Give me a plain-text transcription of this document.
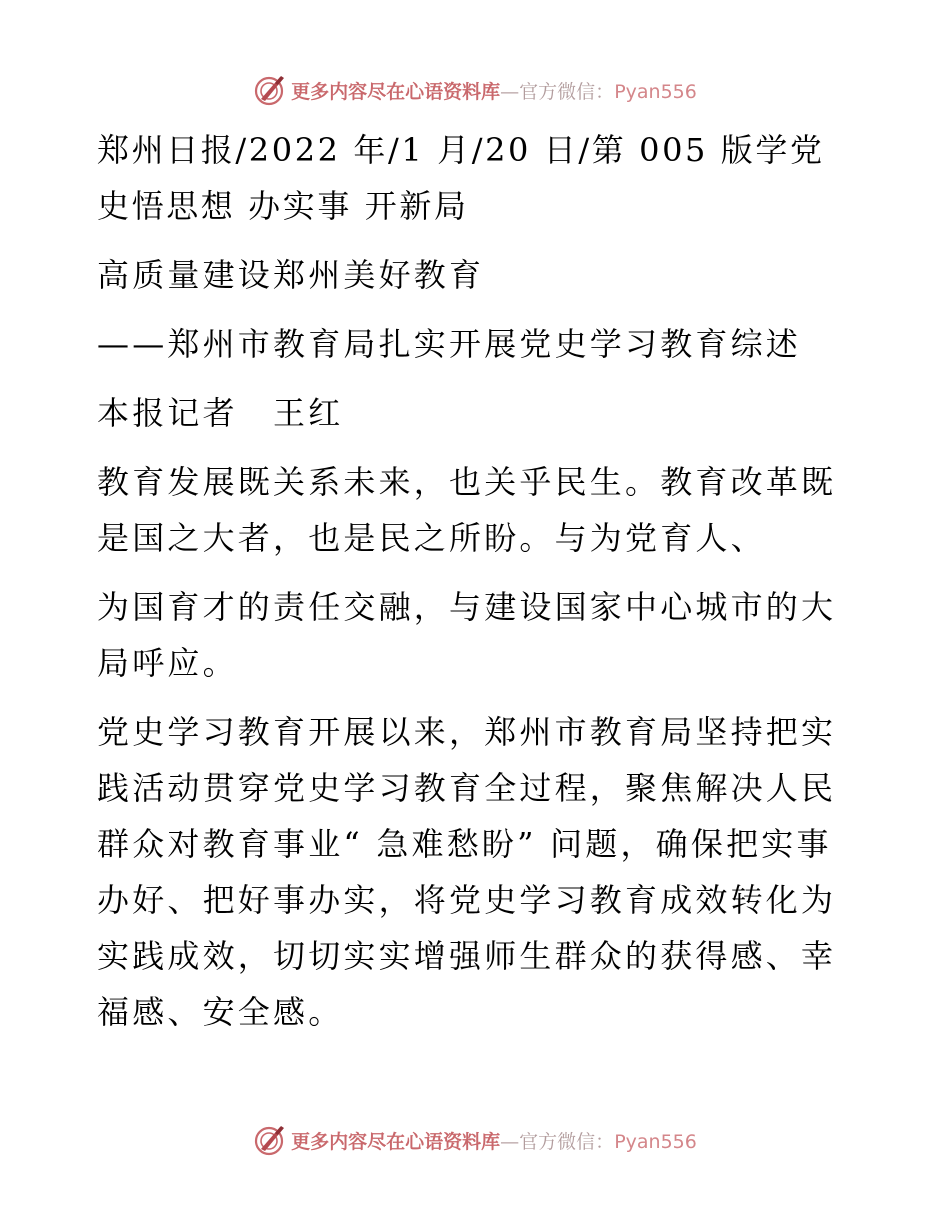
更多内容尽在心语资料库—官方微信：Pyan556

郑州日报/2022 年/1 月/20 日/第 005 版学党史悟思想 办实事 开新局

高质量建设郑州美好教育

——郑州市教育局扎实开展党史学习教育综述

本报记者　王红

教育发展既关系未来，也关乎民生。教育改革既是国之大者，也是民之所盼。与为党育人、

为国育才的责任交融，与建设国家中心城市的大局呼应。

党史学习教育开展以来，郑州市教育局坚持把实践活动贯穿党史学习教育全过程，聚焦解决人民群众对教育事业“ 急难愁盼” 问题，确保把实事办好、把好事办实，将党史学习教育成效转化为实践成效，切切实实增强师生群众的获得感、幸福感、安全感。

更多内容尽在心语资料库—官方微信：Pyan556
